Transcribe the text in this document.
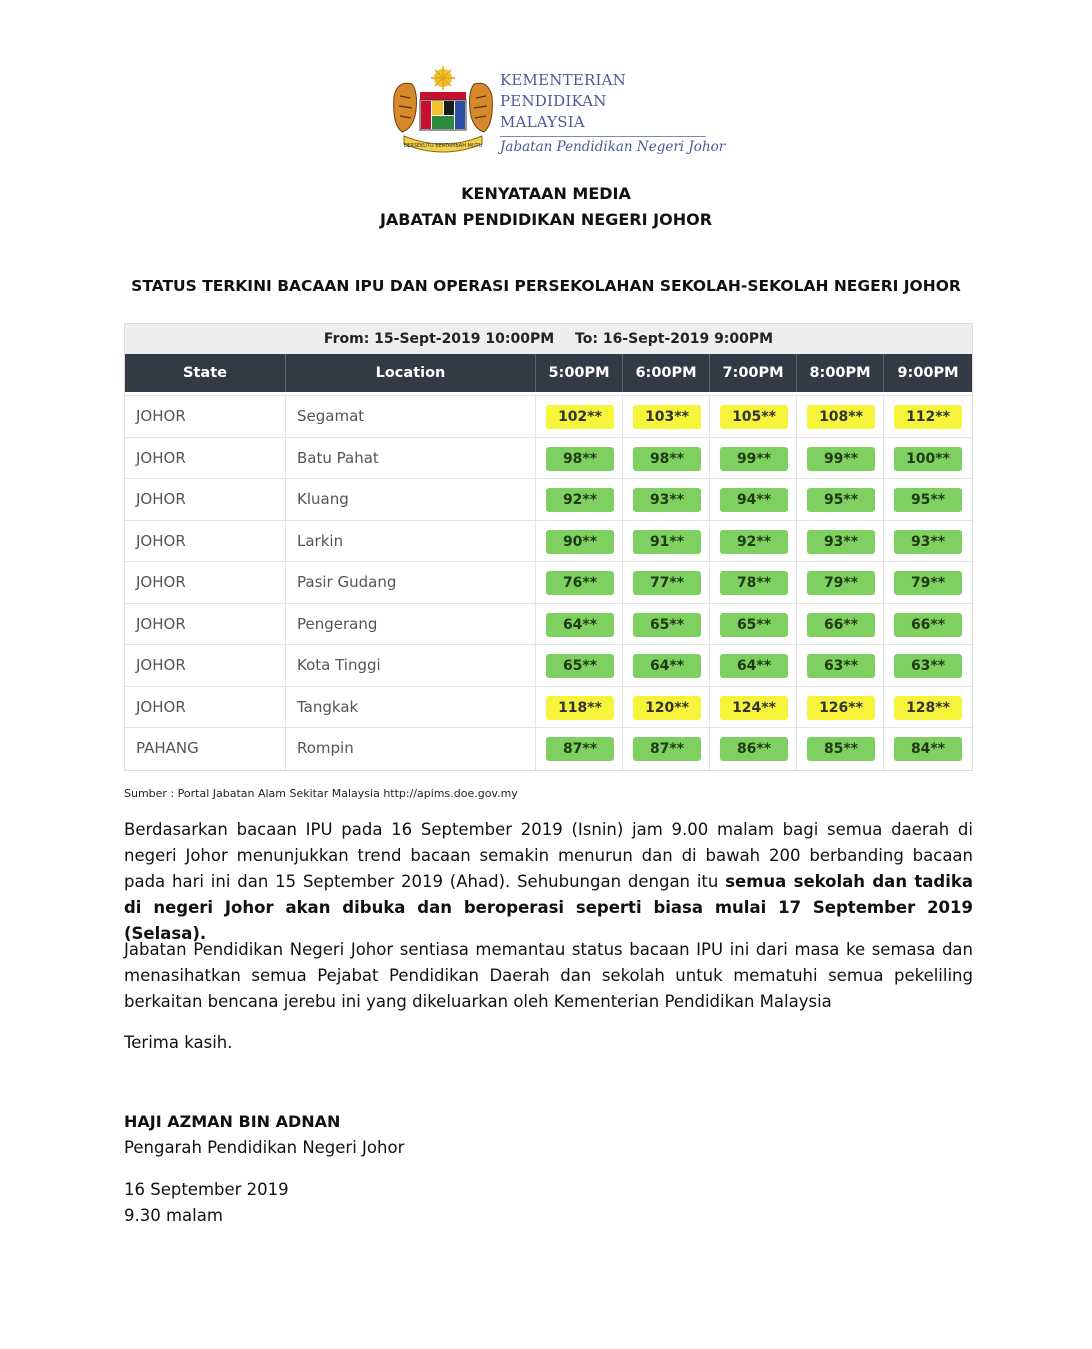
BERSEKUTU BERTAMBAH MUTU
KEMENTERIAN
PENDIDIKAN
MALAYSIA
Jabatan Pendidikan Negeri Johor
KENYATAAN MEDIA
JABATAN PENDIDIKAN NEGERI JOHOR
STATUS TERKINI BACAAN IPU DAN OPERASI PERSEKOLAHAN SEKOLAH-SEKOLAH NEGERI JOHOR
From: 15-Sept-2019 10:00PM To: 16-Sept-2019 9:00PM
State	Location	5:00PM	6:00PM	7:00PM	8:00PM	9:00PM
JOHOR	Segamat	102**	103**	105**	108**	112**
JOHOR	Batu Pahat	98**	98**	99**	99**	100**
JOHOR	Kluang	92**	93**	94**	95**	95**
JOHOR	Larkin	90**	91**	92**	93**	93**
JOHOR	Pasir Gudang	76**	77**	78**	79**	79**
JOHOR	Pengerang	64**	65**	65**	66**	66**
JOHOR	Kota Tinggi	65**	64**	64**	63**	63**
JOHOR	Tangkak	118**	120**	124**	126**	128**
PAHANG	Rompin	87**	87**	86**	85**	84**
Sumber : Portal Jabatan Alam Sekitar Malaysia http://apims.doe.gov.my
Berdasarkan bacaan IPU pada 16 September 2019 (Isnin) jam 9.00 malam bagi semua daerah di negeri Johor menunjukkan trend bacaan semakin menurun dan di bawah 200 berbanding bacaan pada hari ini dan 15 September 2019 (Ahad). Sehubungan dengan itu semua sekolah dan tadika di negeri Johor akan dibuka dan beroperasi seperti biasa mulai 17 September 2019 (Selasa).
Jabatan Pendidikan Negeri Johor sentiasa memantau status bacaan IPU ini dari masa ke semasa dan menasihatkan semua Pejabat Pendidikan Daerah dan sekolah untuk mematuhi semua pekeliling berkaitan bencana jerebu ini yang dikeluarkan oleh Kementerian Pendidikan Malaysia
Terima kasih.
HAJI AZMAN BIN ADNAN
Pengarah Pendidikan Negeri Johor
16 September 2019
9.30 malam
